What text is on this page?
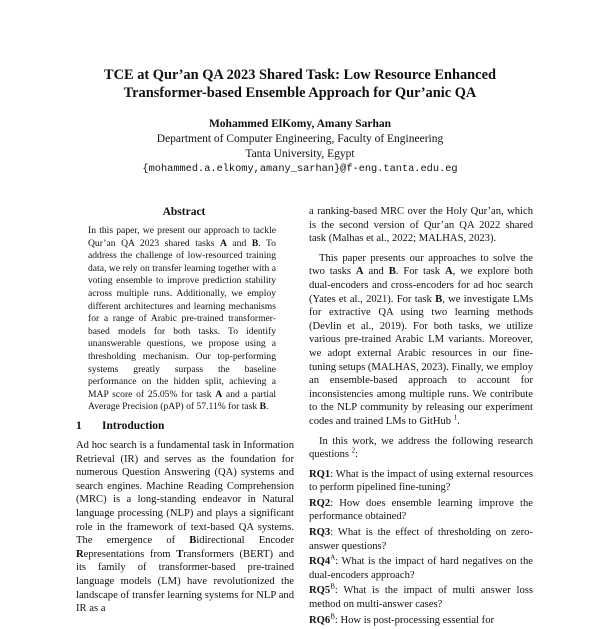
TCE at Qur’an QA 2023 Shared Task: Low Resource Enhanced
Transformer-based Ensemble Approach for Qur’anic QA
Mohammed ElKomy, Amany Sarhan
Department of Computer Engineering, Faculty of Engineering
Tanta University, Egypt
{mohammed.a.elkomy,amany_sarhan}@f-eng.tanta.edu.eg
Abstract
In this paper, we present our approach to tackle Qur’an QA 2023 shared tasks A and B. To address the challenge of low-resourced training data, we rely on transfer learning together with a voting ensemble to improve prediction stability across multiple runs. Additionally, we employ different architectures and learning mechanisms for a range of Arabic pre-trained transformer-based models for both tasks. To identify unanswerable questions, we propose using a thresholding mechanism. Our top-performing systems greatly surpass the baseline performance on the hidden split, achieving a MAP score of 25.05% for task A and a partial Average Precision (pAP) of 57.11% for task B.
1 Introduction
Ad hoc search is a fundamental task in Information Retrieval (IR) and serves as the foundation for numerous Question Answering (QA) systems and search engines. Machine Reading Comprehension (MRC) is a long-standing endeavor in Natural language processing (NLP) and plays a significant role in the framework of text-based QA systems. The emergence of Bidirectional Encoder Representations from Transformers (BERT) and its family of transformer-based pre-trained language models (LM) have revolutionized the landscape of transfer learning systems for NLP and IR as a

a ranking-based MRC over the Holy Qur’an, which is the second version of Qur’an QA 2022 shared task (Malhas et al., 2022; MALHAS, 2023).

This paper presents our approaches to solve the two tasks A and B. For task A, we explore both dual-encoders and cross-encoders for ad hoc search (Yates et al., 2021). For task B, we investigate LMs for extractive QA using two learning methods (Devlin et al., 2019). For both tasks, we utilize various pre-trained Arabic LM variants. Moreover, we adopt external Arabic resources in our fine-tuning setups (MALHAS, 2023). Finally, we employ an ensemble-based approach to account for inconsistencies among multiple runs. We contribute to the NLP community by releasing our experiment codes and trained LMs to GitHub $^1$.

In this work, we address the following research questions $^2$:

RQ1: What is the impact of using external resources to perform pipelined fine-tuning?

RQ2: How does ensemble learning improve the performance obtained?

RQ3: What is the effect of thresholding on zero-answer questions?

$RQ4^A$: What is the impact of hard negatives on the dual-encoders approach?

$RQ5^B$: What is the impact of multi answer loss method on multi-answer cases?

$RQ6^B$: How is post-processing essential for
